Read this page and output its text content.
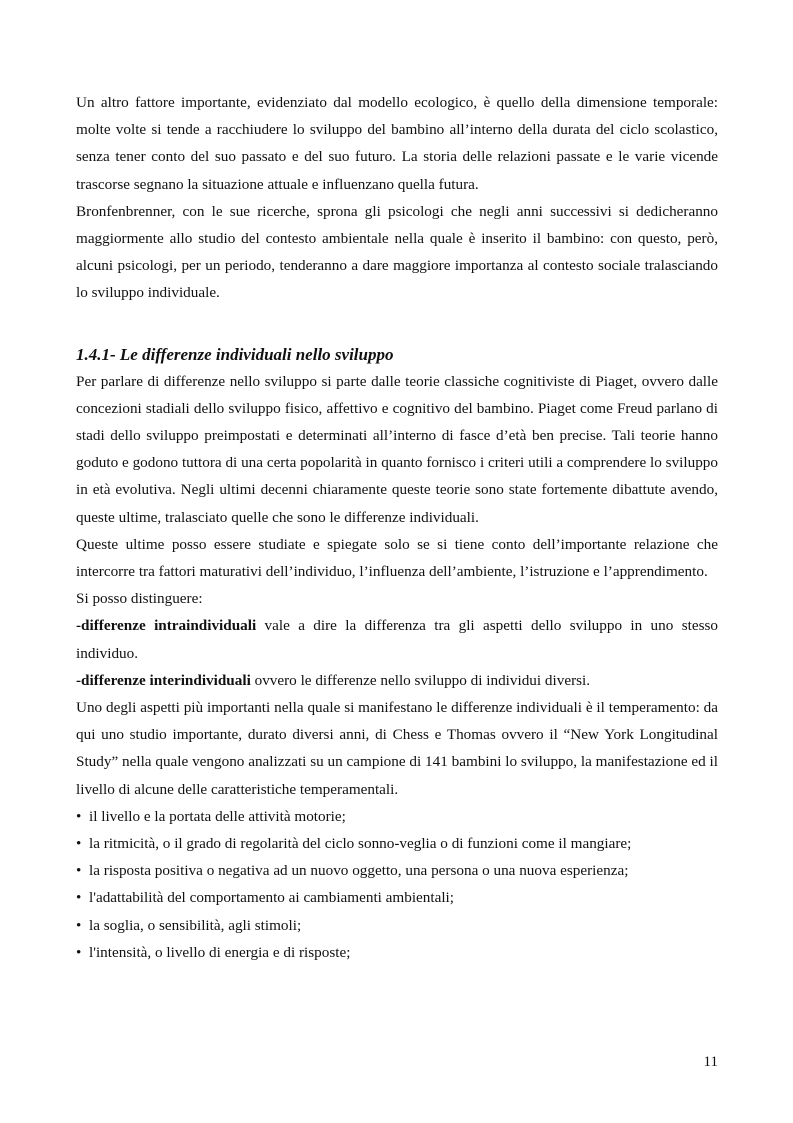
Un altro fattore importante, evidenziato dal modello ecologico, è quello della dimensione temporale: molte volte si tende a racchiudere lo sviluppo del bambino all’interno della durata del ciclo scolastico, senza tener conto del suo passato e del suo futuro. La storia delle relazioni passate e le varie vicende trascorse segnano la situazione attuale e influenzano quella futura.

Bronfenbrenner, con le sue ricerche, sprona gli psicologi che negli anni successivi si dedicheranno maggiormente allo studio del contesto ambientale nella quale è inserito il bambino: con questo, però, alcuni psicologi, per un periodo, tenderanno a dare maggiore importanza al contesto sociale tralasciando lo sviluppo individuale.

1.4.1- Le differenze individuali nello sviluppo

Per parlare di differenze nello sviluppo si parte dalle teorie classiche cognitiviste di Piaget, ovvero dalle concezioni stadiali dello sviluppo fisico, affettivo e cognitivo del bambino. Piaget come Freud parlano di stadi dello sviluppo preimpostati e determinati all’interno di fasce d’età ben precise. Tali teorie hanno goduto e godono tuttora di una certa popolarità in quanto fornisco i criteri utili a comprendere lo sviluppo in età evolutiva. Negli ultimi decenni chiaramente queste teorie sono state fortemente dibattute avendo, queste ultime, tralasciato quelle che sono le differenze individuali.

Queste ultime posso essere studiate e spiegate solo se si tiene conto dell’importante relazione che intercorre tra fattori maturativi dell’individuo, l’influenza dell’ambiente, l’istruzione e l’apprendimento.

Si posso distinguere:

-differenze intraindividuali vale a dire la differenza tra gli aspetti dello sviluppo in uno stesso individuo.

-differenze interindividuali ovvero le differenze nello sviluppo di individui diversi.

Uno degli aspetti più importanti nella quale si manifestano le differenze individuali è il temperamento: da qui uno studio importante, durato diversi anni, di Chess e Thomas ovvero il “New York Longitudinal Study” nella quale vengono analizzati su un campione di 141 bambini lo sviluppo, la manifestazione ed il livello di alcune delle caratteristiche temperamentali.

• il livello e la portata delle attività motorie;
• la ritmicità, o il grado di regolarità del ciclo sonno-veglia o di funzioni come il mangiare;
• la risposta positiva o negativa ad un nuovo oggetto, una persona o una nuova esperienza;
• l'adattabilità del comportamento ai cambiamenti ambientali;
• la soglia, o sensibilità, agli stimoli;
• l'intensità, o livello di energia e di risposte;
11
